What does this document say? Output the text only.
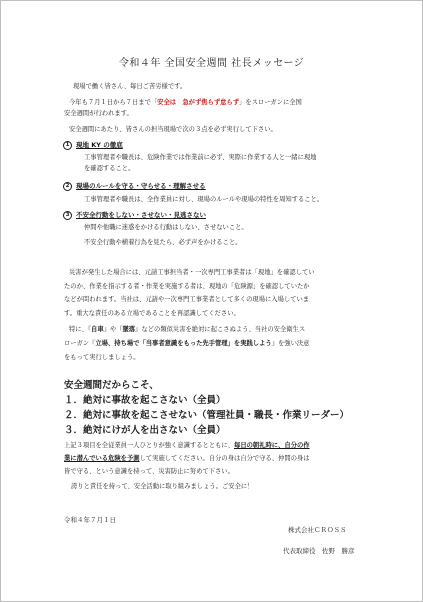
令和４年 全国安全週間 社長メッセージ
現場で働く皆さん、毎日ご苦労様です。
今年も７月１日から７日まで「安全は　急がず焦らず怠らず」をスローガンに全国
安全週間が行われます。
安全週間にあたり、皆さんの担当現場で次の３点を必ず実行して下さい。
1 現地 KY の徹底
工事管理者や職長は、危険作業では作業前に必ず、実際に作業する人と一緒に現地
を確認すること。
2 現場のルールを守る・守らせる・理解させる
工事管理者や職長は、全作業員に対し、現場のルールや現場の特性を周知すること。
3 不安全行動をしない・させない・見逃さない
仲間や他職に迷惑をかける行動はしない、させないこと。
不安全行動や横着行為を見たら、必ず声をかけること。
災害が発生した場合には、元請工事担当者・一次専門工事業者は「現地」を確認してい
たのか、作業を指示する者・作業を実施する者は、現地の「危険源」を確認していたか
などが問われます。当社は、元請や一次専門工事業者として多くの現場に入場していま
す。重大な責任のある立場であることを再認識してください。
特に、『自車』や『墜落』などの類似災害を絶対に起こさぬよう、当社の安全衛生ス
ローガン『立場、持ち場で「当事者意識をもった先手管理」を実践しよう』を強い決意
をもって実行しましょう。
安全週間だからこそ、
１．絶対に事故を起こさない（全員）
２．絶対に事故を起こさせない（管理社員・職長・作業リーダー）
３．絶対にけが人を出さない（全員）
上記３項目を全従業員一人ひとりが強く意識するとともに、毎日の朝礼時に、自分の作
業に潜んでいる危険を予測して実施してください。自分の身は自分で守る、仲間の身は
皆で守る、という意識を持って、災害防止に努めて下さい。
誇りと責任を持って、安全活動に取り組みましょう。ご安全に！
令和４年７月１日
株式会社ＣＲＯＳＳ
代表取締役　佐野　勝彦
